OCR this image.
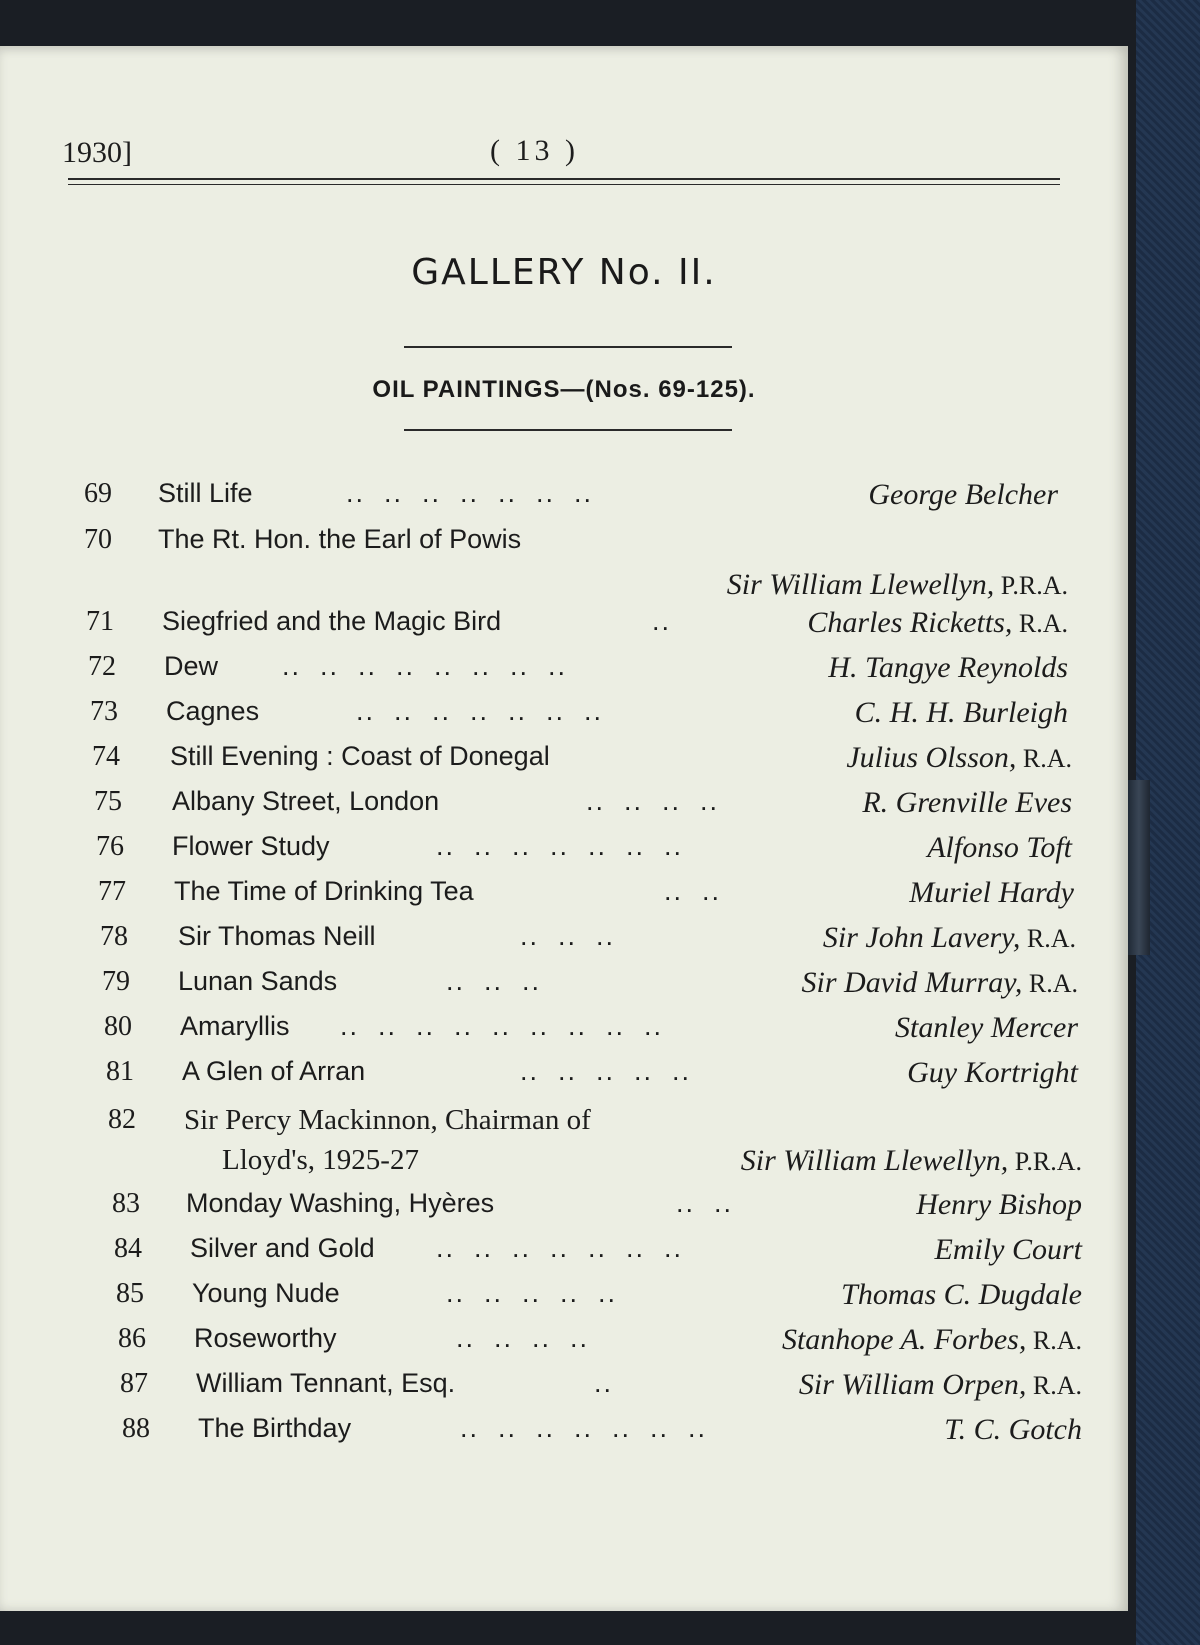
1930]	( 13 )
GALLERY No. II.
OIL PAINTINGS—(Nos. 69-125).
69	Still Life	..  ..  ..  ..  ..  ..  ..	George Belcher
70	The Rt. Hon. the Earl of Powis
Sir William Llewellyn, P.R.A.
71	Siegfried and the Magic Bird	..	Charles Ricketts, R.A.
72	Dew ..  ..  ..  ..  ..  ..  ..  ..	H. Tangye Reynolds
73	Cagnes	..  ..  ..  ..  ..  ..  ..	C. H. H. Burleigh
74	Still Evening : Coast of Donegal	Julius Olsson, R.A.
75	Albany Street, London	..  ..  ..  ..	R. Grenville Eves
76	Flower Study	..  ..  ..  ..  ..  ..  ..	Alfonso Toft
77	The Time of Drinking Tea	..  ..	Muriel Hardy
78	Sir Thomas Neill	..  ..  ..	Sir John Lavery, R.A.
79	Lunan Sands	..  ..  ..	Sir David Murray, R.A.
80	Amaryllis ..  ..  ..  ..  ..  ..  ..  ..  ..	Stanley Mercer
81	A Glen of Arran	..  ..  ..  ..  ..	Guy Kortright
82	Sir Percy Mackinnon, Chairman of
Lloyd's, 1925-27	Sir William Llewellyn, P.R.A.
83	Monday Washing, Hyères	..  ..	Henry Bishop
84	Silver and Gold ..  ..  ..  ..  ..  ..  ..	Emily Court
85	Young Nude	..  ..  ..  ..  ..	Thomas C. Dugdale
86	Roseworthy	..  ..  ..  ..	Stanhope A. Forbes, R.A.
87	William Tennant, Esq.	..	Sir William Orpen, R.A.
88	The Birthday	..  ..  ..  ..  ..  ..  ..	T. C. Gotch
